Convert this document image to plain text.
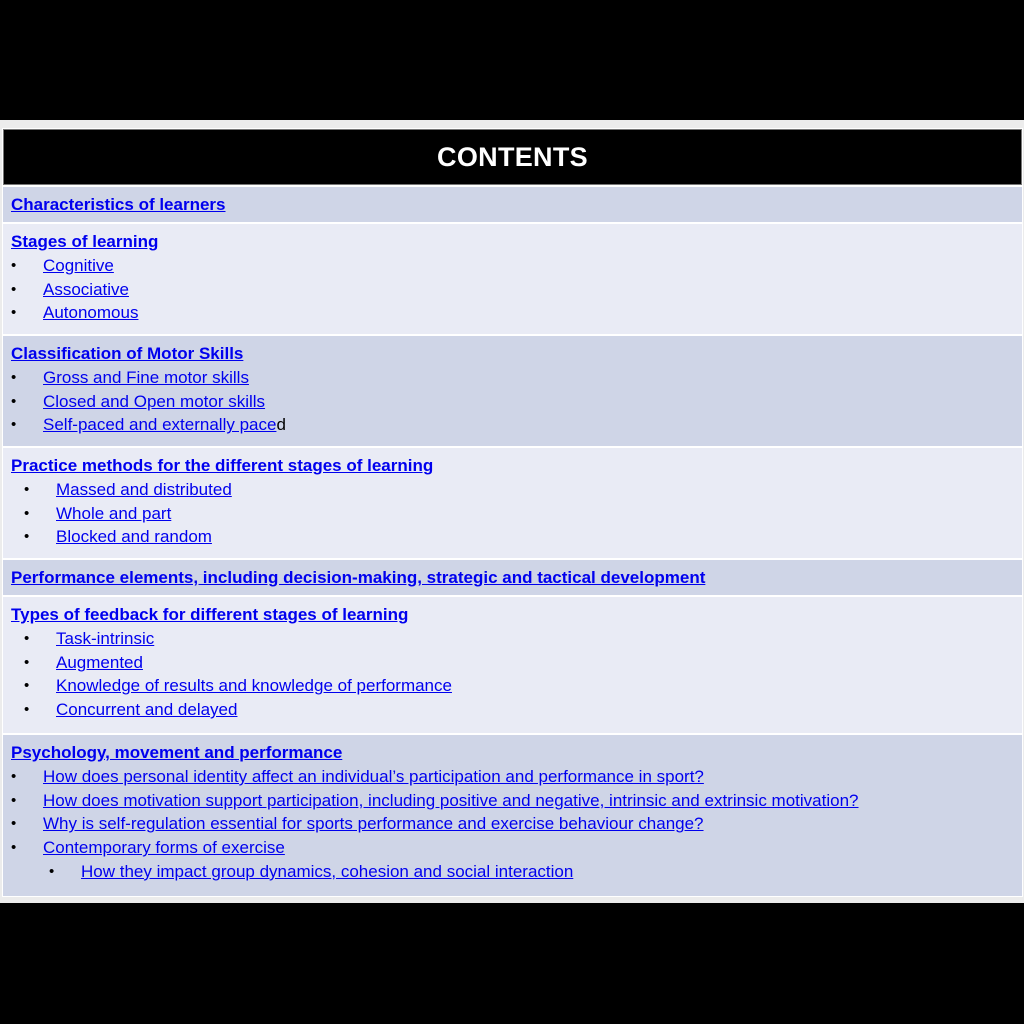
CONTENTS
Characteristics of learners
Stages of learning
• Cognitive
• Associative
• Autonomous
Classification of Motor Skills
• Gross and Fine motor skills
• Closed and Open motor skills
• Self-paced and externally paced
Practice methods for the different stages of learning
• Massed and distributed
• Whole and part
• Blocked and random
Performance elements, including decision-making, strategic and tactical development
Types of feedback for different stages of learning
• Task-intrinsic
• Augmented
• Knowledge of results and knowledge of performance
• Concurrent and delayed
Psychology, movement and performance
• How does personal identity affect an individual’s participation and performance in sport?
• How does motivation support participation, including positive and negative, intrinsic and extrinsic motivation?
• Why is self-regulation essential for sports performance and exercise behaviour change?
• Contemporary forms of exercise
• How they impact group dynamics, cohesion and social interaction
